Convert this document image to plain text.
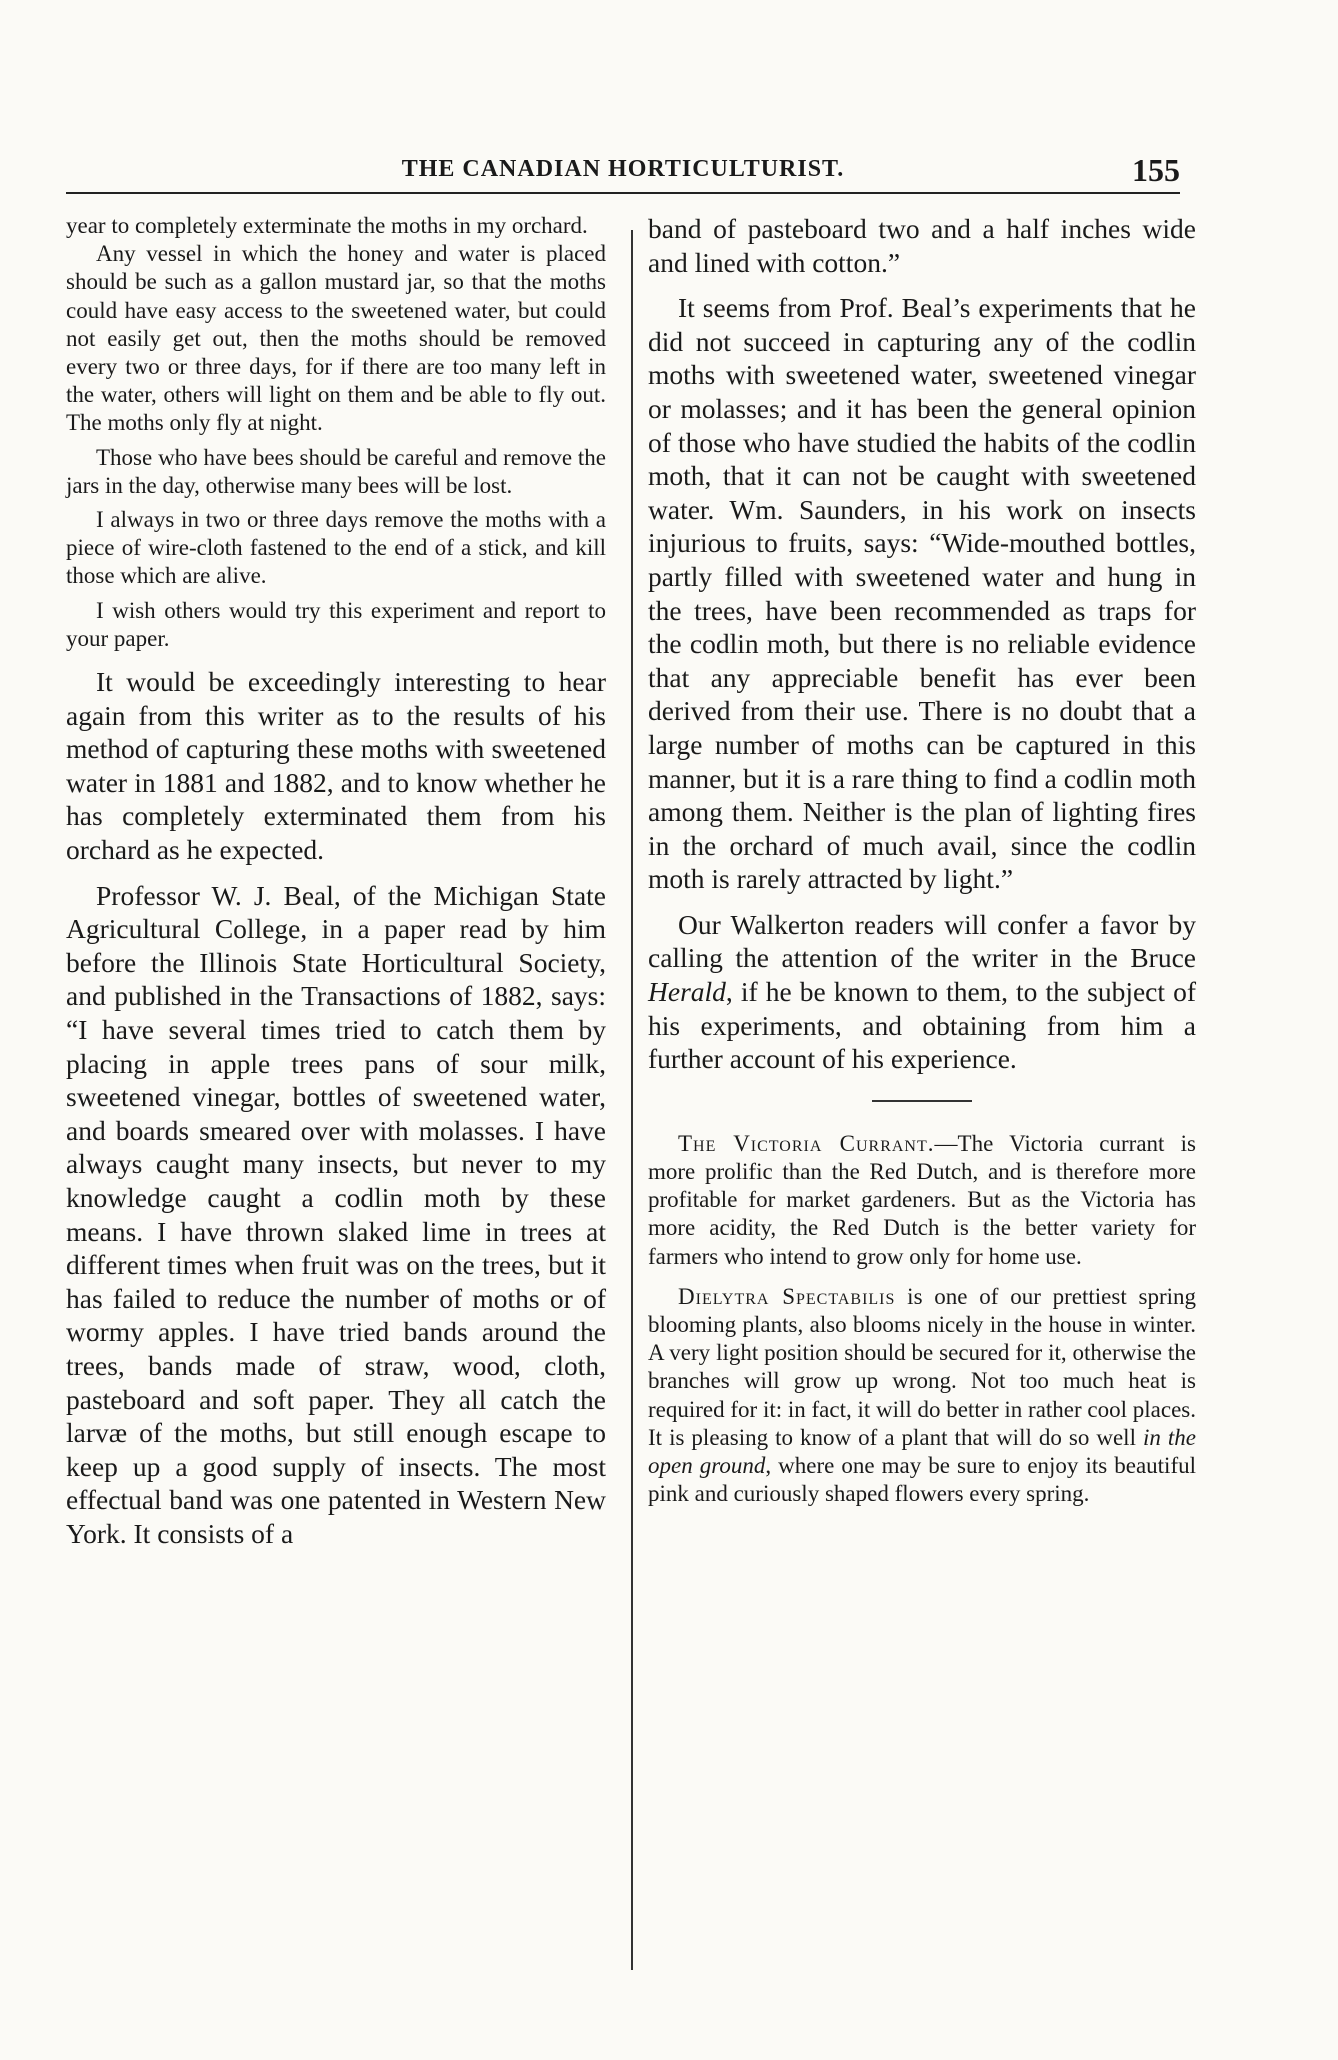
THE CANADIAN HORTICULTURIST.	155

year to completely exterminate the moths in my orchard.

Any vessel in which the honey and water is placed should be such as a gallon mustard jar, so that the moths could have easy access to the sweetened water, but could not easily get out, then the moths should be removed every two or three days, for if there are too many left in the water, others will light on them and be able to fly out. The moths only fly at night.

Those who have bees should be careful and remove the jars in the day, otherwise many bees will be lost.

I always in two or three days remove the moths with a piece of wire-cloth fastened to the end of a stick, and kill those which are alive.

I wish others would try this experiment and report to your paper.

It would be exceedingly interesting to hear again from this writer as to the results of his method of capturing these moths with sweetened water in 1881 and 1882, and to know whether he has completely exterminated them from his orchard as he expected.

Professor W. J. Beal, of the Michigan State Agricultural College, in a paper read by him before the Illinois State Horticultural Society, and published in the Transactions of 1882, says: “I have several times tried to catch them by placing in apple trees pans of sour milk, sweetened vinegar, bottles of sweetened water, and boards smeared over with molasses. I have always caught many insects, but never to my knowledge caught a codlin moth by these means. I have thrown slaked lime in trees at different times when fruit was on the trees, but it has failed to reduce the number of moths or of wormy apples. I have tried bands around the trees, bands made of straw, wood, cloth, pasteboard and soft paper. They all catch the larvæ of the moths, but still enough escape to keep up a good supply of insects. The most effectual band was one patented in Western New York. It consists of a

band of pasteboard two and a half inches wide and lined with cotton.”

It seems from Prof. Beal’s experiments that he did not succeed in capturing any of the codlin moths with sweetened water, sweetened vinegar or molasses; and it has been the general opinion of those who have studied the habits of the codlin moth, that it can not be caught with sweetened water. Wm. Saunders, in his work on insects injurious to fruits, says: “Wide-mouthed bottles, partly filled with sweetened water and hung in the trees, have been recommended as traps for the codlin moth, but there is no reliable evidence that any appreciable benefit has ever been derived from their use. There is no doubt that a large number of moths can be captured in this manner, but it is a rare thing to find a codlin moth among them. Neither is the plan of lighting fires in the orchard of much avail, since the codlin moth is rarely attracted by light.”

Our Walkerton readers will confer a favor by calling the attention of the writer in the Bruce Herald, if he be known to them, to the subject of his experiments, and obtaining from him a further account of his experience.

The Victoria Currant.—The Victoria currant is more prolific than the Red Dutch, and is therefore more profitable for market gardeners. But as the Victoria has more acidity, the Red Dutch is the better variety for farmers who intend to grow only for home use.

Dielytra Spectabilis is one of our prettiest spring blooming plants, also blooms nicely in the house in winter. A very light position should be secured for it, otherwise the branches will grow up wrong. Not too much heat is required for it: in fact, it will do better in rather cool places. It is pleasing to know of a plant that will do so well in the open ground, where one may be sure to enjoy its beautiful pink and curiously shaped flowers every spring.
